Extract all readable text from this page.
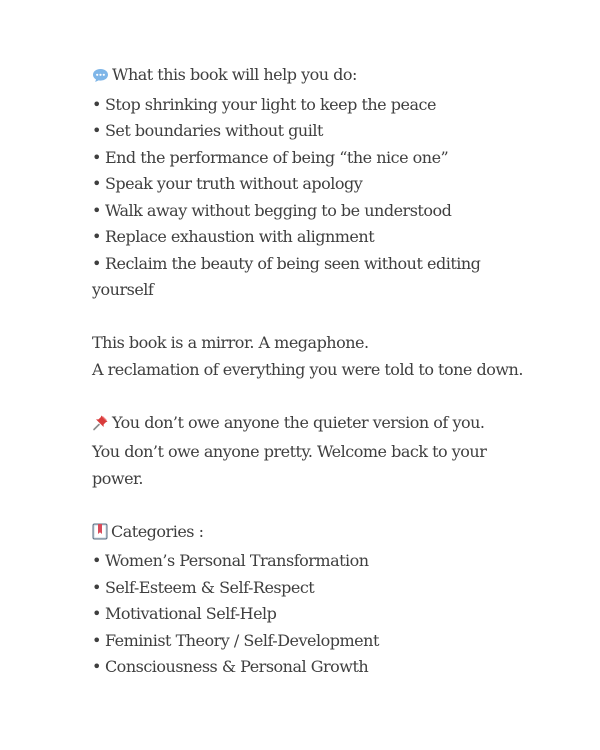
What this book will help you do:
• Stop shrinking your light to keep the peace
• Set boundaries without guilt
• End the performance of being “the nice one”
• Speak your truth without apology
• Walk away without begging to be understood
• Replace exhaustion with alignment
• Reclaim the beauty of being seen without editing yourself
This book is a mirror. A megaphone.
A reclamation of everything you were told to tone down.
You don’t owe anyone the quieter version of you.
You don’t owe anyone pretty. Welcome back to your power.
Categories :
• Women’s Personal Transformation
• Self-Esteem & Self-Respect
• Motivational Self-Help
• Feminist Theory / Self-Development
• Consciousness & Personal Growth
